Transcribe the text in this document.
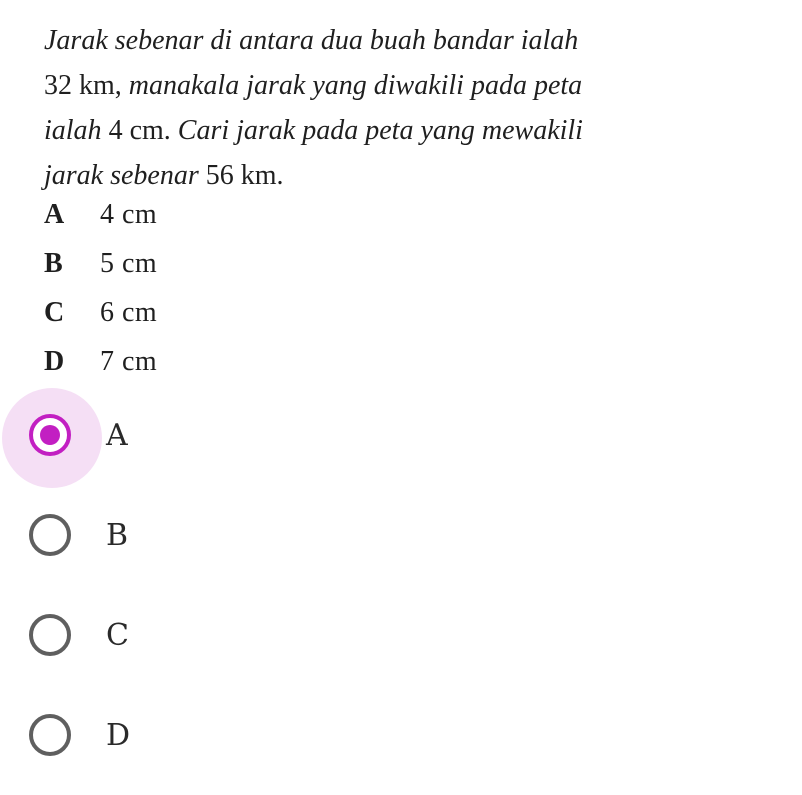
Jarak sebenar di antara dua buah bandar ialah
32 km, manakala jarak yang diwakili pada peta
ialah 4 cm. Cari jarak pada peta yang mewakili
jarak sebenar 56 km.
A	4 cm
B	5 cm
C	6 cm
D	7 cm
A
B
C
D
